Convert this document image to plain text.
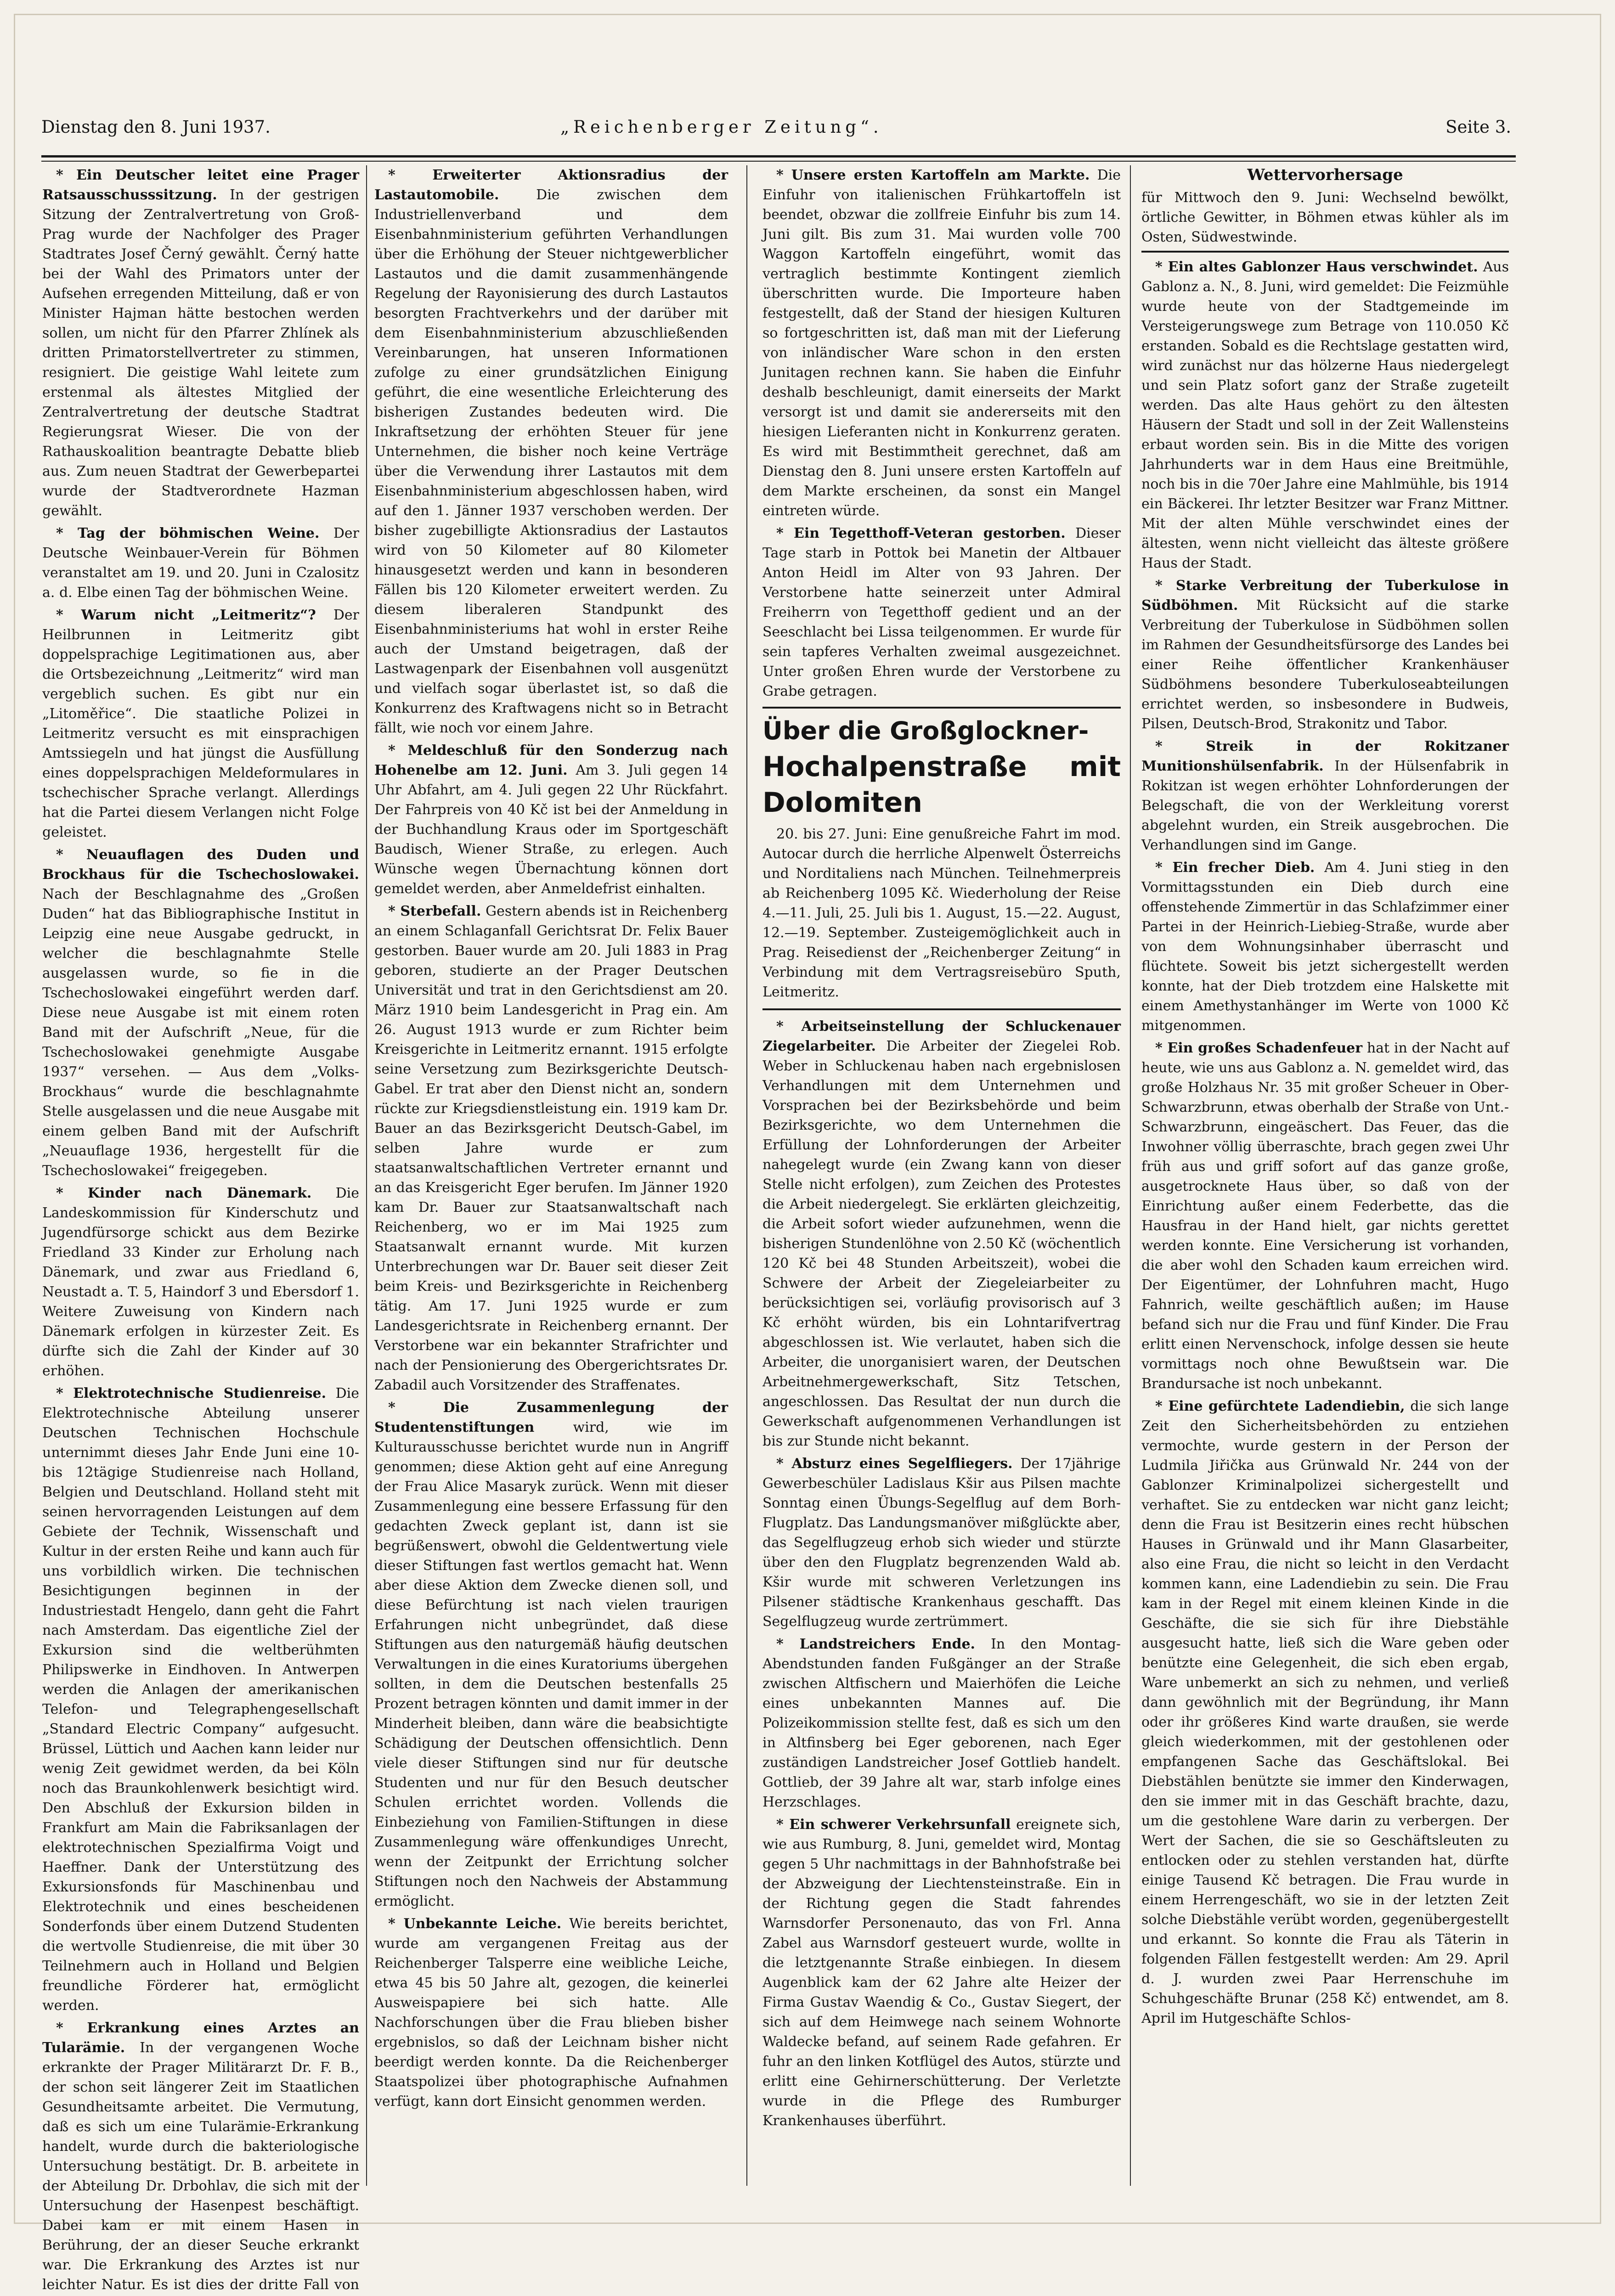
Dienstag den 8. Juni 1937.	„Reichenberger Zeitung“.	Seite 3.

* Ein Deutscher leitet eine Prager Ratsausschusssitzung. In der gestrigen Sitzung der Zentralvertretung von Groß-Prag wurde der Nachfolger des Prager Stadtrates Josef Černý gewählt. Černý hatte bei der Wahl des Primators unter der Aufsehen erregenden Mitteilung, daß er von Minister Hajman hätte bestochen werden sollen, um nicht für den Pfarrer Zhlínek als dritten Primatorstellvertreter zu stimmen, resigniert. Die geistige Wahl leitete zum erstenmal als ältestes Mitglied der Zentralvertretung der deutsche Stadtrat Regierungsrat Wieser. Die von der Rathauskoalition beantragte Debatte blieb aus. Zum neuen Stadtrat der Gewerbepartei wurde der Stadtverordnete Hazman gewählt.

* Tag der böhmischen Weine. Der Deutsche Weinbauer-Verein für Böhmen veranstaltet am 19. und 20. Juni in Czalositz a. d. Elbe einen Tag der böhmischen Weine.

* Warum nicht „Leitmeritz“? Der Heilbrunnen in Leitmeritz gibt doppelsprachige Legitimationen aus, aber die Ortsbezeichnung „Leitmeritz“ wird man vergeblich suchen. Es gibt nur ein „Litoměřice“. Die staatliche Polizei in Leitmeritz versucht es mit einsprachigen Amtssiegeln und hat jüngst die Ausfüllung eines doppelsprachigen Meldeformulares in tschechischer Sprache verlangt. Allerdings hat die Partei diesem Verlangen nicht Folge geleistet.

* Neuauflagen des Duden und Brockhaus für die Tschechoslowakei. Nach der Beschlagnahme des „Großen Duden“ hat das Bibliographische Institut in Leipzig eine neue Ausgabe gedruckt, in welcher die beschlagnahmte Stelle ausgelassen wurde, so fie in die Tschechoslowakei eingeführt werden darf. Diese neue Ausgabe ist mit einem roten Band mit der Aufschrift „Neue, für die Tschechoslowakei genehmigte Ausgabe 1937“ versehen. — Aus dem „Volks-Brockhaus“ wurde die beschlagnahmte Stelle ausgelassen und die neue Ausgabe mit einem gelben Band mit der Aufschrift „Neuauflage 1936, hergestellt für die Tschechoslowakei“ freigegeben.

* Kinder nach Dänemark. Die Landeskommission für Kinderschutz und Jugendfürsorge schickt aus dem Bezirke Friedland 33 Kinder zur Erholung nach Dänemark, und zwar aus Friedland 6, Neustadt a. T. 5, Haindorf 3 und Ebersdorf 1. Weitere Zuweisung von Kindern nach Dänemark erfolgen in kürzester Zeit. Es dürfte sich die Zahl der Kinder auf 30 erhöhen.

* Elektrotechnische Studienreise. Die Elektrotechnische Abteilung unserer Deutschen Technischen Hochschule unternimmt dieses Jahr Ende Juni eine 10- bis 12tägige Studienreise nach Holland, Belgien und Deutschland. Holland steht mit seinen hervorragenden Leistungen auf dem Gebiete der Technik, Wissenschaft und Kultur in der ersten Reihe und kann auch für uns vorbildlich wirken. Die technischen Besichtigungen beginnen in der Industriestadt Hengelo, dann geht die Fahrt nach Amsterdam. Das eigentliche Ziel der Exkursion sind die weltberühmten Philipswerke in Eindhoven. In Antwerpen werden die Anlagen der amerikanischen Telefon- und Telegraphengesellschaft „Standard Electric Company“ aufgesucht. Brüssel, Lüttich und Aachen kann leider nur wenig Zeit gewidmet werden, da bei Köln noch das Braunkohlenwerk besichtigt wird. Den Abschluß der Exkursion bilden in Frankfurt am Main die Fabriksanlagen der elektrotechnischen Spezialfirma Voigt und Haeffner. Dank der Unterstützung des Exkursionsfonds für Maschinenbau und Elektrotechnik und eines bescheidenen Sonderfonds über einem Dutzend Studenten die wertvolle Studienreise, die mit über 30 Teilnehmern auch in Holland und Belgien freundliche Förderer hat, ermöglicht werden.

* Erkrankung eines Arztes an Tularämie. In der vergangenen Woche erkrankte der Prager Militärarzt Dr. F. B., der schon seit längerer Zeit im Staatlichen Gesundheitsamte arbeitet. Die Vermutung, daß es sich um eine Tularämie-Erkrankung handelt, wurde durch die bakteriologische Untersuchung bestätigt. Dr. B. arbeitete in der Abteilung Dr. Drbohlav, die sich mit der Untersuchung der Hasenpest beschäftigt. Dabei kam er mit einem Hasen in Berührung, der an dieser Seuche erkrankt war. Die Erkrankung des Arztes ist nur leichter Natur. Es ist dies der dritte Fall von

* Erweiterter Aktionsradius der Lastautomobile.	Die zwischen dem Industriellenverband und dem Eisenbahnministerium geführten Verhandlungen über die Erhöhung der Steuer nichtgewerblicher Lastautos und die damit zusammenhängende Regelung der Rayonisierung des durch Lastautos besorgten Frachtverkehrs und der darüber mit dem Eisenbahnministerium abzuschließenden Vereinbarungen, hat unseren Informationen zufolge zu einer grundsätzlichen Einigung geführt, die eine wesentliche Erleichterung des bisherigen Zustandes bedeuten wird. Die Inkraftsetzung der erhöhten Steuer für jene Unternehmen, die bisher noch keine Verträge über die Verwendung ihrer Lastautos mit dem Eisenbahnministerium abgeschlossen haben, wird auf den 1. Jänner 1937 verschoben werden. Der bisher zugebilligte Aktionsradius der Lastautos wird von 50 Kilometer auf 80 Kilometer hinausgesetzt werden und kann in besonderen Fällen bis 120 Kilometer erweitert werden. Zu diesem liberaleren Standpunkt des Eisenbahnministeriums hat wohl in erster Reihe auch der Umstand beigetragen, daß der Lastwagenpark der Eisenbahnen voll ausgenützt und vielfach sogar überlastet ist, so daß die Konkurrenz des Kraftwagens nicht so in Betracht fällt, wie noch vor einem Jahre.

* Meldeschluß für den Sonderzug nach Hohenelbe am 12. Juni. Am 3. Juli gegen 14 Uhr Abfahrt, am 4. Juli gegen 22 Uhr Rückfahrt. Der Fahrpreis von 40 Kč ist bei der Anmeldung in der Buchhandlung Kraus oder im Sportgeschäft Baudisch, Wiener Straße, zu erlegen. Auch Wünsche wegen Übernachtung können dort gemeldet werden, aber Anmeldefrist einhalten.

* Sterbefall. Gestern abends ist in Reichenberg an einem Schlaganfall Gerichtsrat Dr. Felix Bauer gestorben. Bauer wurde am 20. Juli 1883 in Prag geboren, studierte an der Prager Deutschen Universität und trat in den Gerichtsdienst am 20. März 1910 beim Landesgericht in Prag ein. Am 26. August 1913 wurde er zum Richter beim Kreisgerichte in Leitmeritz ernannt. 1915 erfolgte seine Versetzung zum Bezirksgerichte Deutsch-Gabel. Er trat aber den Dienst nicht an, sondern rückte zur Kriegsdienstleistung ein. 1919 kam Dr. Bauer an das Bezirksgericht Deutsch-Gabel, im selben Jahre wurde er zum staatsanwaltschaftlichen Vertreter ernannt und an das Kreisgericht Eger berufen. Im Jänner 1920 kam Dr. Bauer zur Staatsanwaltschaft nach Reichenberg, wo er im Mai 1925 zum Staatsanwalt ernannt wurde. Mit kurzen Unterbrechungen war Dr. Bauer seit dieser Zeit beim Kreis- und Bezirksgerichte in Reichenberg tätig. Am 17. Juni 1925 wurde er zum Landesgerichtsrate in Reichenberg ernannt. Der Verstorbene war ein bekannter Strafrichter und nach der Pensionierung des Obergerichtsrates Dr. Zabadil auch Vorsitzender des Straffenates.

* Die Zusammenlegung der Studentenstiftungen	wird, wie im Kulturausschusse berichtet wurde nun in Angriff genommen; diese Aktion geht auf eine Anregung der Frau Alice Masaryk zurück. Wenn mit dieser Zusammenlegung eine bessere Erfassung für den gedachten Zweck geplant ist, dann ist sie begrüßenswert, obwohl die Geldentwertung viele dieser Stiftungen fast wertlos gemacht hat. Wenn aber diese Aktion dem Zwecke dienen soll, und diese Befürchtung ist nach vielen traurigen Erfahrungen nicht unbegründet, daß diese Stiftungen aus den naturgemäß häufig deutschen Verwaltungen in die eines Kuratoriums übergehen sollten, in dem die Deutschen bestenfalls 25 Prozent betragen könnten und damit immer in der Minderheit bleiben, dann wäre die beabsichtigte Schädigung der Deutschen offensichtlich. Denn viele dieser Stiftungen sind nur für deutsche Studenten und nur für den Besuch deutscher Schulen errichtet worden. Vollends die Einbeziehung von Familien-Stiftungen in diese Zusammenlegung wäre offenkundiges Unrecht, wenn der Zeitpunkt der Errichtung solcher Stiftungen noch den Nachweis der Abstammung ermöglicht.

* Unbekannte Leiche. Wie bereits berichtet, wurde am vergangenen Freitag aus der Reichenberger Talsperre eine weibliche Leiche, etwa 45 bis 50 Jahre alt, gezogen, die keinerlei Ausweispapiere bei sich hatte. Alle Nachforschungen über die Frau blieben bisher ergebnislos, so daß der Leichnam bisher nicht beerdigt werden konnte. Da die Reichenberger Staatspolizei über photographische Aufnahmen verfügt, kann dort Einsicht genommen werden.

* Unsere ersten Kartoffeln am Markte. Die Einfuhr von italienischen Frühkartoffeln ist beendet, obzwar die zollfreie Einfuhr bis zum 14. Juni gilt. Bis zum 31. Mai wurden volle 700 Waggon Kartoffeln eingeführt, womit das vertraglich bestimmte Kontingent ziemlich überschritten wurde. Die Importeure haben festgestellt, daß der Stand der hiesigen Kulturen so fortgeschritten ist, daß man mit der Lieferung von inländischer Ware schon in den ersten Junitagen rechnen kann. Sie haben die Einfuhr deshalb beschleunigt, damit einerseits der Markt versorgt ist und damit sie andererseits mit den hiesigen Lieferanten nicht in Konkurrenz geraten. Es wird mit Bestimmtheit gerechnet, daß am Dienstag den 8. Juni unsere ersten Kartoffeln auf dem Markte erscheinen, da sonst ein Mangel eintreten würde.

* Ein Tegetthoff-Veteran gestorben. Dieser Tage starb in Pottok bei Manetin der Altbauer Anton Heidl im Alter von 93 Jahren. Der Verstorbene hatte seinerzeit unter Admiral Freiherrn von Tegetthoff gedient und an der Seeschlacht bei Lissa teilgenommen. Er wurde für sein tapferes Verhalten zweimal ausgezeichnet. Unter großen Ehren wurde der Verstorbene zu Grabe getragen.

Über die Großglockner-
Hochalpenstraße mit Dolomiten

20. bis 27. Juni: Eine genußreiche Fahrt im mod. Autocar durch die herrliche Alpenwelt Österreichs und Norditaliens nach München. Teilnehmerpreis ab Reichenberg 1095 Kč. Wiederholung der Reise 4.—11. Juli, 25. Juli bis 1. August, 15.—22. August, 12.—19. September. Zusteigemöglichkeit auch in Prag. Reisedienst der „Reichenberger Zeitung“ in Verbindung mit dem Vertragsreisebüro Sputh, Leitmeritz.

* Arbeitseinstellung der Schluckenauer Ziegelarbeiter. Die Arbeiter der Ziegelei Rob. Weber in Schluckenau haben nach ergebnislosen Verhandlungen mit dem Unternehmen und Vorsprachen bei der Bezirksbehörde und beim Bezirksgerichte, wo dem Unternehmen die Erfüllung der Lohnforderungen der Arbeiter nahegelegt wurde (ein Zwang kann von dieser Stelle nicht erfolgen), zum Zeichen des Protestes die Arbeit niedergelegt. Sie erklärten gleichzeitig, die Arbeit sofort wieder aufzunehmen, wenn die bisherigen Stundenlöhne von 2.50 Kč (wöchentlich 120 Kč bei 48 Stunden Arbeitszeit), wobei die Schwere der Arbeit der Ziegeleiarbeiter zu berücksichtigen sei, vorläufig provisorisch auf 3 Kč erhöht würden, bis ein Lohntarifvertrag abgeschlossen ist. Wie verlautet, haben sich die Arbeiter, die unorganisiert waren, der Deutschen Arbeitnehmergewerkschaft, Sitz Tetschen, angeschlossen. Das Resultat der nun durch die Gewerkschaft aufgenommenen Verhandlungen ist bis zur Stunde nicht bekannt.

* Absturz eines Segelfliegers. Der 17jährige Gewerbeschüler Ladislaus Kšir aus Pilsen machte Sonntag einen Übungs-Segelflug auf dem Borh-Flugplatz. Das Landungsmanöver mißglückte aber, das Segelflugzeug erhob sich wieder und stürzte über den den Flugplatz begrenzenden Wald ab. Kšir wurde mit schweren Verletzungen ins Pilsener städtische Krankenhaus geschafft. Das Segelflugzeug wurde zertrümmert.

* Landstreichers Ende. In den Montag-Abendstunden fanden Fußgänger an der Straße zwischen Altfischern und Maierhöfen die Leiche eines unbekannten Mannes auf. Die Polizeikommission stellte fest, daß es sich um den in Altfinsberg bei Eger geborenen, nach Eger zuständigen Landstreicher Josef Gottlieb handelt. Gottlieb, der 39 Jahre alt war, starb infolge eines Herzschlages.

* Ein schwerer Verkehrsunfall ereignete sich, wie aus Rumburg, 8. Juni, gemeldet wird, Montag gegen 5 Uhr nachmittags in der Bahnhofstraße bei der Abzweigung der Liechtensteinstraße. Ein in der Richtung gegen die Stadt fahrendes Warnsdorfer Personenauto, das von Frl. Anna Zabel aus Warnsdorf gesteuert wurde, wollte in die letztgenannte Straße einbiegen. In diesem Augenblick kam der 62 Jahre alte Heizer der Firma Gustav Waendig & Co., Gustav Siegert, der sich auf dem Heimwege nach seinem Wohnorte Waldecke befand, auf seinem Rade gefahren. Er fuhr an den linken Kotflügel des Autos, stürzte und erlitt eine Gehirnerschütterung. Der Verletzte wurde in die Pflege des Rumburger Krankenhauses überführt.

Wettervorhersage

für Mittwoch den 9. Juni: Wechselnd bewölkt, örtliche Gewitter, in Böhmen etwas kühler als im Osten, Südwestwinde.

* Ein altes Gablonzer Haus verschwindet. Aus Gablonz a. N., 8. Juni, wird gemeldet: Die Feizmühle wurde heute von der Stadtgemeinde im Versteigerungswege zum Betrage von 110.050 Kč erstanden. Sobald es die Rechtslage gestatten wird, wird zunächst nur das hölzerne Haus niedergelegt und sein Platz sofort ganz der Straße zugeteilt werden. Das alte Haus gehört zu den ältesten Häusern der Stadt und soll in der Zeit Wallensteins erbaut worden sein. Bis in die Mitte des vorigen Jahrhunderts war in dem Haus eine Breitmühle, noch bis in die 70er Jahre eine Mahlmühle, bis 1914 ein Bäckerei. Ihr letzter Besitzer war Franz Mittner. Mit der alten Mühle verschwindet eines der ältesten, wenn nicht vielleicht das älteste größere Haus der Stadt.

* Starke Verbreitung der Tuberkulose in Südböhmen. Mit Rücksicht auf die starke Verbreitung der Tuberkulose in Südböhmen sollen im Rahmen der Gesundheitsfürsorge des Landes bei einer Reihe öffentlicher Krankenhäuser Südböhmens besondere Tuberkuloseabteilungen errichtet werden, so insbesondere in Budweis, Pilsen, Deutsch-Brod, Strakonitz und Tabor.

* Streik in der Rokitzaner Munitionshülsenfabrik. In der Hülsenfabrik in Rokitzan ist wegen erhöhter Lohnforderungen der Belegschaft, die von der Werkleitung vorerst abgelehnt wurden, ein Streik ausgebrochen. Die Verhandlungen sind im Gange.

* Ein frecher Dieb. Am 4. Juni stieg in den Vormittagsstunden ein Dieb durch eine offenstehende Zimmertür in das Schlafzimmer einer Partei in der Heinrich-Liebieg-Straße, wurde aber von dem Wohnungsinhaber überrascht und flüchtete. Soweit bis jetzt sichergestellt werden konnte, hat der Dieb trotzdem eine Halskette mit einem Amethystanhänger im Werte von 1000 Kč mitgenommen.

* Ein großes Schadenfeuer hat in der Nacht auf heute, wie uns aus Gablonz a. N. gemeldet wird, das große Holzhaus Nr. 35 mit großer Scheuer in Ober-Schwarzbrunn, etwas oberhalb der Straße von Unt.-Schwarzbrunn, eingeäschert. Das Feuer, das die Inwohner völlig überraschte, brach gegen zwei Uhr früh aus und griff sofort auf das ganze große, ausgetrocknete Haus über, so daß von der Einrichtung außer einem Federbette, das die Hausfrau in der Hand hielt, gar nichts gerettet werden konnte. Eine Versicherung ist vorhanden, die aber wohl den Schaden kaum erreichen wird. Der Eigentümer, der Lohnfuhren macht, Hugo Fahnrich, weilte geschäftlich außen; im Hause befand sich nur die Frau und fünf Kinder. Die Frau erlitt einen Nervenschock, infolge dessen sie heute vormittags noch ohne Bewußtsein war. Die Brandursache ist noch unbekannt.

* Eine gefürchtete Ladendiebin, die sich lange Zeit den Sicherheitsbehörden zu entziehen vermochte, wurde gestern in der Person der Ludmila Jiřička aus Grünwald Nr. 244 von der Gablonzer Kriminalpolizei sichergestellt und verhaftet. Sie zu entdecken war nicht ganz leicht; denn die Frau ist Besitzerin eines recht hübschen Hauses in Grünwald und ihr Mann Glasarbeiter, also eine Frau, die nicht so leicht in den Verdacht kommen kann, eine Ladendiebin zu sein. Die Frau kam in der Regel mit einem kleinen Kinde in die Geschäfte, die sie sich für ihre Diebstähle ausgesucht hatte, ließ sich die Ware geben oder benützte eine Gelegenheit, die sich eben ergab, Ware unbemerkt an sich zu nehmen, und verließ dann gewöhnlich mit der Begründung, ihr Mann oder ihr größeres Kind warte draußen, sie werde gleich wiederkommen, mit der gestohlenen oder empfangenen Sache das Geschäftslokal. Bei Diebstählen benützte sie immer den Kinderwagen, den sie immer mit in das Geschäft brachte, dazu, um die gestohlene Ware darin zu verbergen. Der Wert der Sachen, die sie so Geschäftsleuten zu entlocken oder zu stehlen verstanden hat, dürfte einige Tausend Kč betragen. Die Frau wurde in einem Herrengeschäft, wo sie in der letzten Zeit solche Diebstähle verübt worden, gegenübergestellt und erkannt. So konnte die Frau als Täterin in folgenden Fällen festgestellt werden: Am 29. April d. J. wurden zwei Paar Herrenschuhe im Schuhgeschäfte Brunar (258 Kč) entwendet, am 8. April im Hutgeschäfte Schlos-
